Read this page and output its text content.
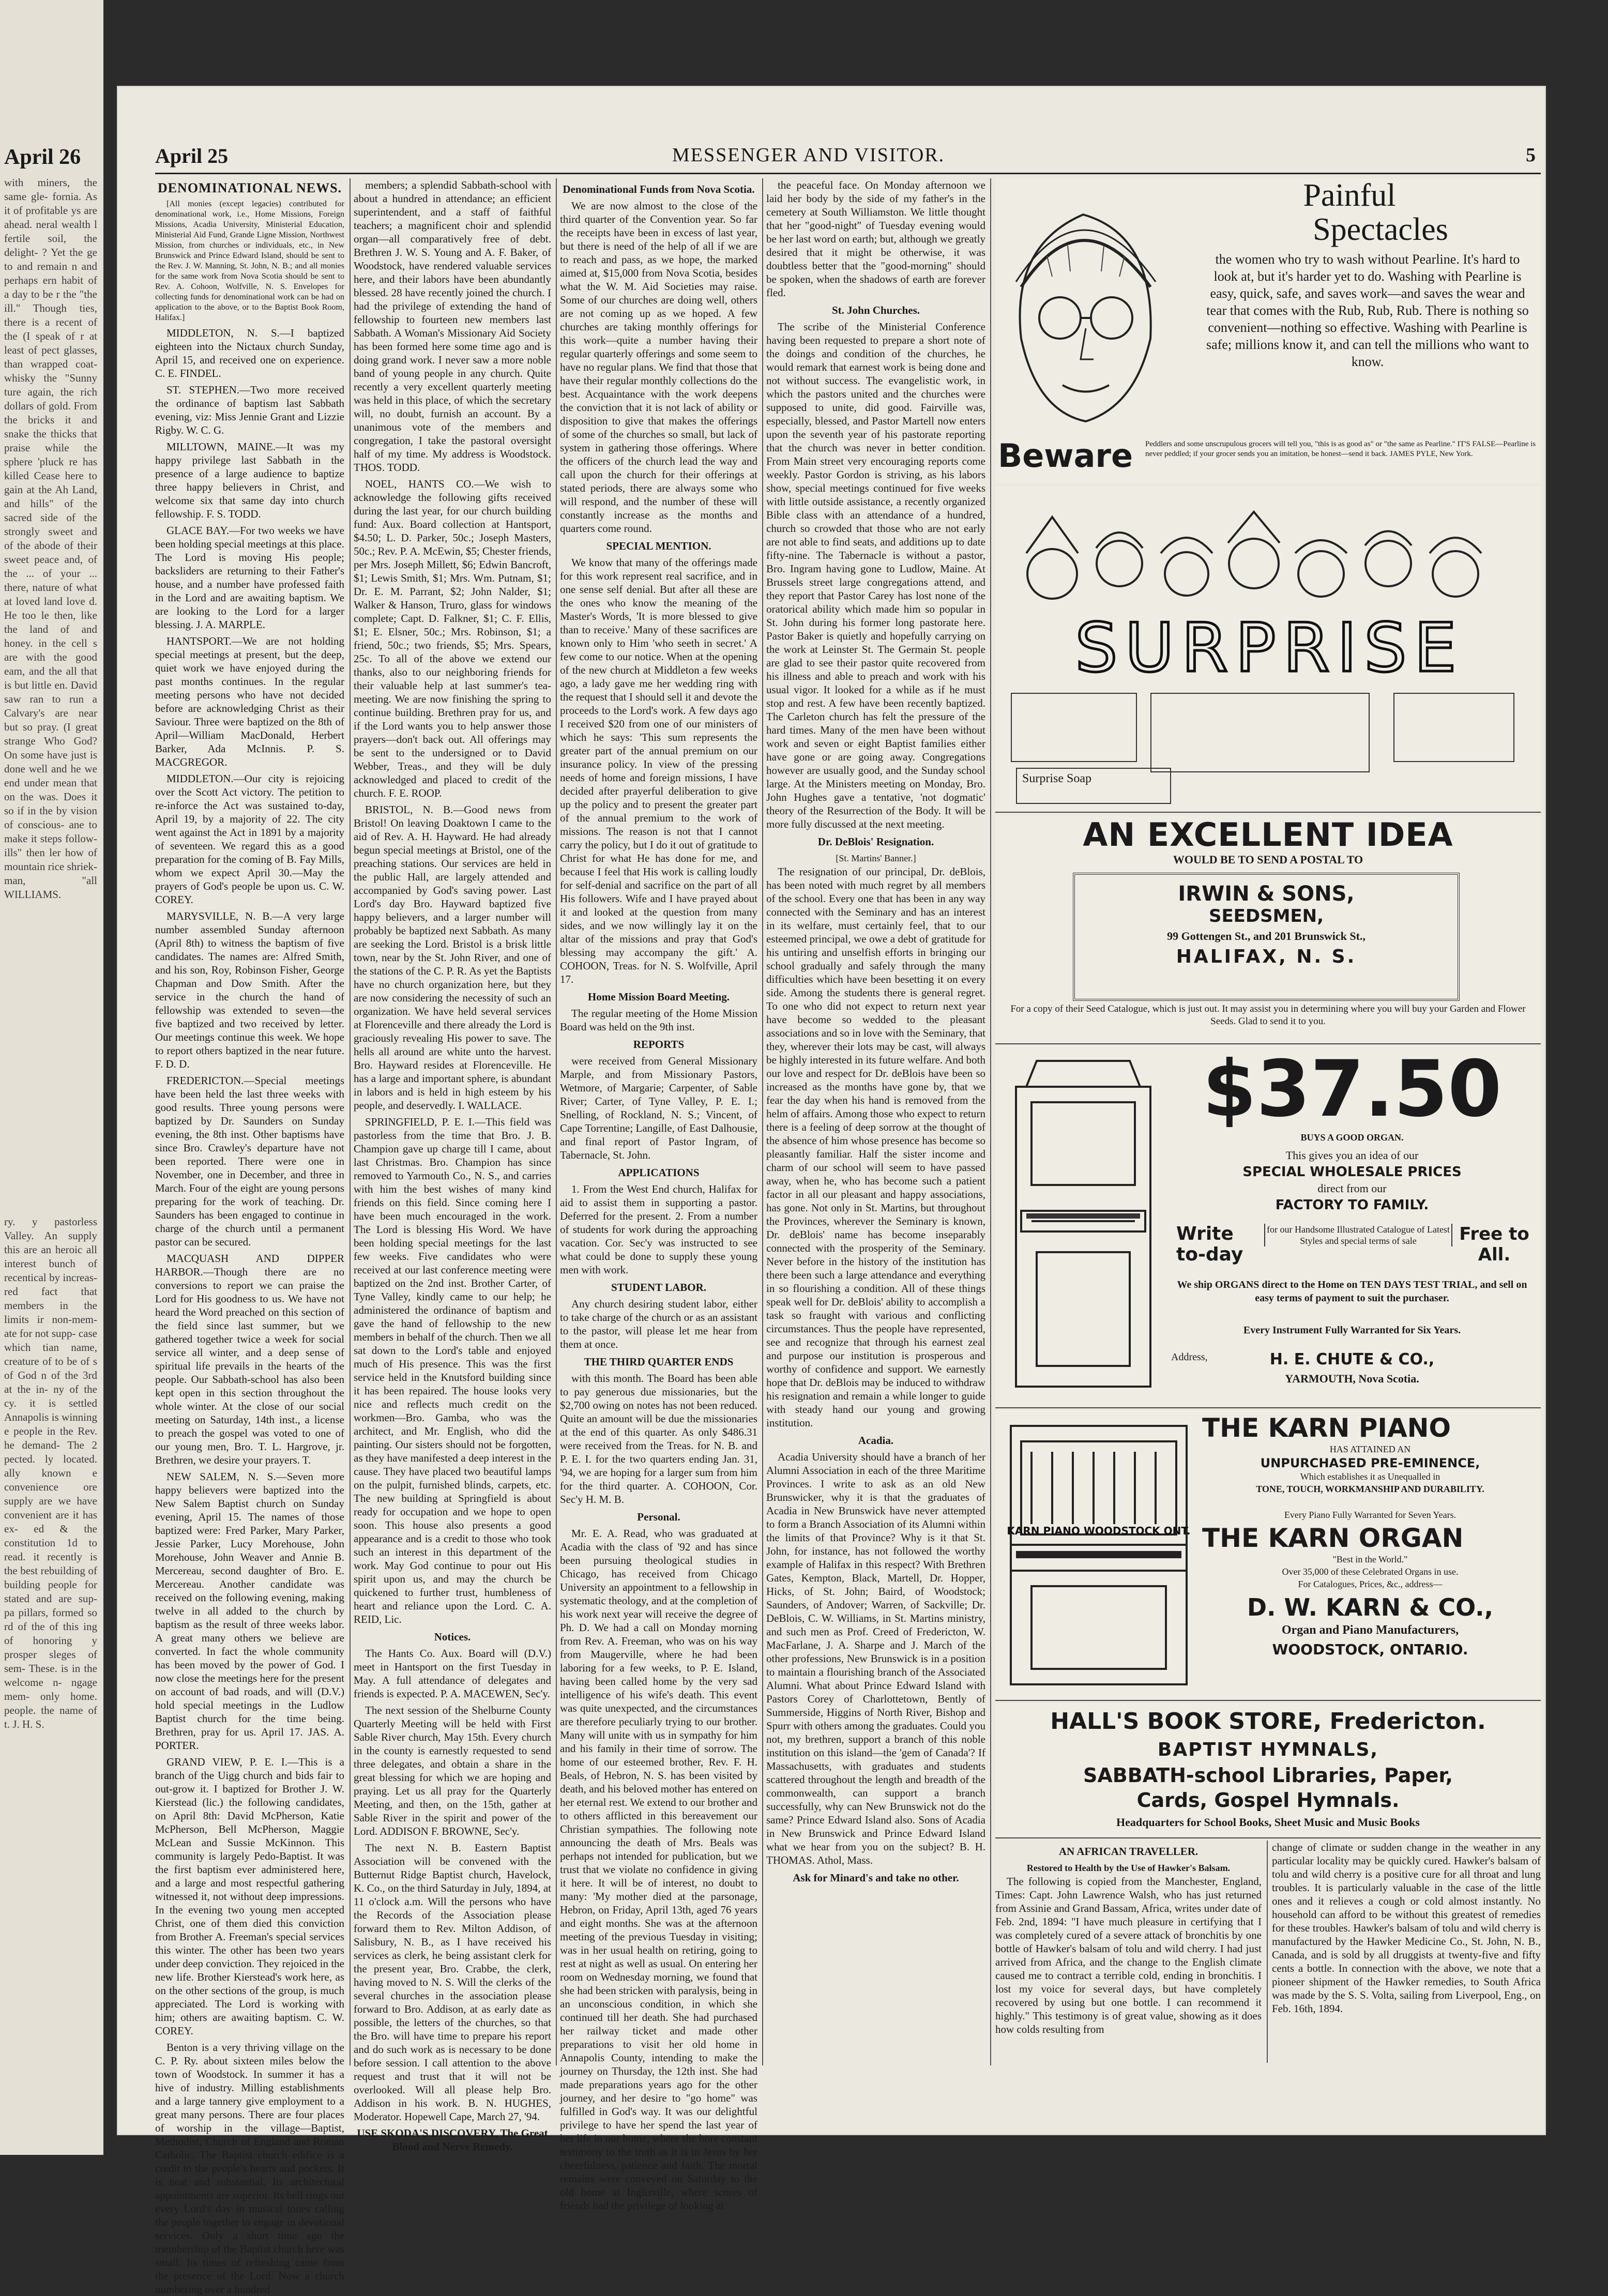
April 26
with miners, the same gle- fornia. As it of profitable ys are ahead. neral wealth l fertile soil, the delight- ? Yet the ge to and remain n and perhaps ern habit of a day to be r the "the ill." Though ties, there is a recent of the (I speak of r at least of pect glasses, than wrapped coat-whisky the "Sunny ture again, the rich dollars of gold. From the bricks it and snake the thicks that praise while the sphere 'pluck re has killed Cease here to gain at the Ah Land, and hills" of the sacred side of the strongly sweet and of the abode of their sweet peace and, of the ... of your ... there, nature of what at loved land love d. He too le then, like the land of and honey. in the cell s are with the good eam, and the all that is but little en. David saw ran to run a Calvary's are near but so pray. (I great strange Who God? On some have just is done well and he we end under mean that on the was. Does it so if in the by vision of conscious- ane to make it steps follow- ills" then ler how of mountain rice shriek- man, "all WILLIAMS.
ry. y pastorless Valley. An supply this are an heroic all interest bunch of recentical by increas- red fact that members in the limits ir non-mem- ate for not supp- case which tian name, creature of to be of s of God n of the 3rd at the in- ny of the cy. it is settled Annapolis is winning e people in the Rev. he demand- The 2 pected. ly located. ally known e convenience ore supply are we have convenient are it has ex- ed & the constitution 1d to read. it recently is the best rebuilding of building people for stated and are sup- pa pillars, formed so rd of the of this ing of honoring y prosper sleges of sem- These. is in the welcome n- ngage mem- only home. people. the name of t. J. H. S.
April 25	MESSENGER AND VISITOR.	5
DENOMINATIONAL NEWS.

[All monies (except legacies) contributed for denominational work, i.e., Home Missions, Foreign Missions, Acadia University, Ministerial Education, Ministerial Aid Fund, Grande Ligne Mission, Northwest Mission, from churches or individuals, etc., in New Brunswick and Prince Edward Island, should be sent to the Rev. J. W. Manning, St. John, N. B.; and all monies for the same work from Nova Scotia should be sent to Rev. A. Cohoon, Wolfville, N. S. Envelopes for collecting funds for denominational work can be had on application to the above, or to the Baptist Book Room, Halifax.]

MIDDLETON, N. S.—I baptized eighteen into the Nictaux church Sunday, April 15, and received one on experience. C. E. FINDEL.

ST. STEPHEN.—Two more received the ordinance of baptism last Sabbath evening, viz: Miss Jennie Grant and Lizzie Rigby. W. C. G.

MILLTOWN, MAINE.—It was my happy privilege last Sabbath in the presence of a large audience to baptize three happy believers in Christ, and welcome six that same day into church fellowship. F. S. TODD.

GLACE BAY.—For two weeks we have been holding special meetings at this place. The Lord is moving His people; backsliders are returning to their Father's house, and a number have professed faith in the Lord and are awaiting baptism. We are looking to the Lord for a larger blessing. J. A. MARPLE.

HANTSPORT.—We are not holding special meetings at present, but the deep, quiet work we have enjoyed during the past months continues. In the regular meeting persons who have not decided before are acknowledging Christ as their Saviour. Three were baptized on the 8th of April—William MacDonald, Herbert Barker, Ada McInnis. P. S. MACGREGOR.

MIDDLETON.—Our city is rejoicing over the Scott Act victory. The petition to re-inforce the Act was sustained to-day, April 19, by a majority of 22. The city went against the Act in 1891 by a majority of seventeen. We regard this as a good preparation for the coming of B. Fay Mills, whom we expect April 30.—May the prayers of God's people be upon us. C. W. COREY.

MARYSVILLE, N. B.—A very large number assembled Sunday afternoon (April 8th) to witness the baptism of five candidates. The names are: Alfred Smith, and his son, Roy, Robinson Fisher, George Chapman and Dow Smith. After the service in the church the hand of fellowship was extended to seven—the five baptized and two received by letter. Our meetings continue this week. We hope to report others baptized in the near future. F. D. D.

FREDERICTON.—Special meetings have been held the last three weeks with good results. Three young persons were baptized by Dr. Saunders on Sunday evening, the 8th inst. Other baptisms have since Bro. Crawley's departure have not been reported. There were one in November, one in December, and three in March. Four of the eight are young persons preparing for the work of teaching. Dr. Saunders has been engaged to continue in charge of the church until a permanent pastor can be secured.

MACQUASH AND DIPPER HARBOR.—Though there are no conversions to report we can praise the Lord for His goodness to us. We have not heard the Word preached on this section of the field since last summer, but we gathered together twice a week for social service all winter, and a deep sense of spiritual life prevails in the hearts of the people. Our Sabbath-school has also been kept open in this section throughout the whole winter. At the close of our social meeting on Saturday, 14th inst., a license to preach the gospel was voted to one of our young men, Bro. T. L. Hargrove, jr. Brethren, we desire your prayers. T.

NEW SALEM, N. S.—Seven more happy believers were baptized into the New Salem Baptist church on Sunday evening, April 15. The names of those baptized were: Fred Parker, Mary Parker, Jessie Parker, Lucy Morehouse, John Morehouse, John Weaver and Annie B. Mercereau, second daughter of Bro. E. Mercereau. Another candidate was received on the following evening, making twelve in all added to the church by baptism as the result of three weeks labor. A great many others we believe are converted. In fact the whole community has been moved by the power of God. I now close the meetings here for the present on account of bad roads, and will (D.V.) hold special meetings in the Ludlow Baptist church for the time being. Brethren, pray for us. April 17. JAS. A. PORTER.

GRAND VIEW, P. E. I.—This is a branch of the Uigg church and bids fair to out-grow it. I baptized for Brother J. W. Kierstead (lic.) the following candidates, on April 8th: David McPherson, Katie McPherson, Bell McPherson, Maggie McLean and Sussie McKinnon. This community is largely Pedo-Baptist. It was the first baptism ever administered here, and a large and most respectful gathering witnessed it, not without deep impressions. In the evening two young men accepted Christ, one of them died this conviction from Brother A. Freeman's special services this winter. The other has been two years under deep conviction. They rejoiced in the new life. Brother Kierstead's work here, as on the other sections of the group, is much appreciated. The Lord is working with him; others are awaiting baptism. C. W. COREY.

Benton is a very thriving village on the C. P. Ry. about sixteen miles below the town of Woodstock. In summer it has a hive of industry. Milling establishments and a large tannery give employment to a great many persons. There are four places of worship in the village—Baptist, Methodist, Church of England and Roman Catholic. The Baptist church edifice is a credit to the people's hearts and pockets. It is neat and substantial. Its architectural appointments are superior. Its bell rings out every Lord's day in musical tones calling the people together to engage in devotional services. Only a short time ago the membership of the Baptist church here was small. Its times of refreshing came from the presence of the Lord. Now a church numbering over a hundred

members; a splendid Sabbath-school with about a hundred in attendance; an efficient superintendent, and a staff of faithful teachers; a magnificent choir and splendid organ—all comparatively free of debt. Brethren J. W. S. Young and A. F. Baker, of Woodstock, have rendered valuable services here, and their labors have been abundantly blessed. 28 have recently joined the church. I had the privilege of extending the hand of fellowship to fourteen new members last Sabbath. A Woman's Missionary Aid Society has been formed here some time ago and is doing grand work. I never saw a more noble band of young people in any church. Quite recently a very excellent quarterly meeting was held in this place, of which the secretary will, no doubt, furnish an account. By a unanimous vote of the members and congregation, I take the pastoral oversight half of my time. My address is Woodstock. THOS. TODD.

NOEL, HANTS CO.—We wish to acknowledge the following gifts received during the last year, for our church building fund: Aux. Board collection at Hantsport, $4.50; L. D. Parker, 50c.; Joseph Masters, 50c.; Rev. P. A. McEwin, $5; Chester friends, per Mrs. Joseph Millett, $6; Edwin Bancroft, $1; Lewis Smith, $1; Mrs. Wm. Putnam, $1; Dr. E. M. Parrant, $2; John Nalder, $1; Walker & Hanson, Truro, glass for windows complete; Capt. D. Falkner, $1; C. F. Ellis, $1; E. Elsner, 50c.; Mrs. Robinson, $1; a friend, 50c.; two friends, $5; Mrs. Spears, 25c. To all of the above we extend our thanks, also to our neighboring friends for their valuable help at last summer's tea-meeting. We are now finishing the spring to continue building. Brethren pray for us, and if the Lord wants you to help answer those prayers—don't back out. All offerings may be sent to the undersigned or to David Webber, Treas., and they will be duly acknowledged and placed to credit of the church. F. E. ROOP.

BRISTOL, N. B.—Good news from Bristol! On leaving Doaktown I came to the aid of Rev. A. H. Hayward. He had already begun special meetings at Bristol, one of the preaching stations. Our services are held in the public Hall, are largely attended and accompanied by God's saving power. Last Lord's day Bro. Hayward baptized five happy believers, and a larger number will probably be baptized next Sabbath. As many are seeking the Lord. Bristol is a brisk little town, near by the St. John River, and one of the stations of the C. P. R. As yet the Baptists have no church organization here, but they are now considering the necessity of such an organization. We have held several services at Florenceville and there already the Lord is graciously revealing His power to save. The hells all around are white unto the harvest. Bro. Hayward resides at Florenceville. He has a large and important sphere, is abundant in labors and is held in high esteem by his people, and deservedly. I. WALLACE.

SPRINGFIELD, P. E. I.—This field was pastorless from the time that Bro. J. B. Champion gave up charge till I came, about last Christmas. Bro. Champion has since removed to Yarmouth Co., N. S., and carries with him the best wishes of many kind friends on this field. Since coming here I have been much encouraged in the work. The Lord is blessing His Word. We have been holding special meetings for the last few weeks. Five candidates who were received at our last conference meeting were baptized on the 2nd inst. Brother Carter, of Tyne Valley, kindly came to our help; he administered the ordinance of baptism and gave the hand of fellowship to the new members in behalf of the church. Then we all sat down to the Lord's table and enjoyed much of His presence. This was the first service held in the Knutsford building since it has been repaired. The house looks very nice and reflects much credit on the workmen—Bro. Gamba, who was the architect, and Mr. English, who did the painting. Our sisters should not be forgotten, as they have manifested a deep interest in the cause. They have placed two beautiful lamps on the pulpit, furnished blinds, carpets, etc. The new building at Springfield is about ready for occupation and we hope to open soon. This house also presents a good appearance and is a credit to those who took such an interest in this department of the work. May God continue to pour out His spirit upon us, and may the church be quickened to further trust, humbleness of heart and reliance upon the Lord. C. A. REID, Lic.

Notices.

The Hants Co. Aux. Board will (D.V.) meet in Hantsport on the first Tuesday in May. A full attendance of delegates and friends is expected. P. A. MACEWEN, Sec'y.

The next session of the Shelburne County Quarterly Meeting will be held with First Sable River church, May 15th. Every church in the county is earnestly requested to send three delegates, and obtain a share in the great blessing for which we are hoping and praying. Let us all pray for the Quarterly Meeting, and then, on the 15th, gather at Sable River in the spirit and power of the Lord. ADDISON F. BROWNE, Sec'y.

The next N. B. Eastern Baptist Association will be convened with the Butternut Ridge Baptist church, Havelock, K. Co., on the third Saturday in July, 1894, at 11 o'clock a.m. Will the persons who have the Records of the Association please forward them to Rev. Milton Addison, of Salisbury, N. B., as I have received his services as clerk, he being assistant clerk for the present year, Bro. Crabbe, the clerk, having moved to N. S. Will the clerks of the several churches in the association please forward to Bro. Addison, at as early date as possible, the letters of the churches, so that the Bro. will have time to prepare his report and do such work as is necessary to be done before session. I call attention to the above request and trust that it will not be overlooked. Will all please help Bro. Addison in his work. B. N. HUGHES, Moderator. Hopewell Cape, March 27, '94.

USE SKODA'S DISCOVERY, The Great Blood and Nerve Remedy.
Denominational Funds from Nova Scotia.

We are now almost to the close of the third quarter of the Convention year. So far the receipts have been in excess of last year, but there is need of the help of all if we are to reach and pass, as we hope, the marked aimed at, $15,000 from Nova Scotia, besides what the W. M. Aid Societies may raise. Some of our churches are doing well, others are not coming up as we hoped. A few churches are taking monthly offerings for this work—quite a number having their regular quarterly offerings and some seem to have no regular plans. We find that those that have their regular monthly collections do the best. Acquaintance with the work deepens the conviction that it is not lack of ability or disposition to give that makes the offerings of some of the churches so small, but lack of system in gathering those offerings. Where the officers of the church lead the way and call upon the church for their offerings at stated periods, there are always some who will respond, and the number of these will constantly increase as the months and quarters come round.

SPECIAL MENTION.

We know that many of the offerings made for this work represent real sacrifice, and in one sense self denial. But after all these are the ones who know the meaning of the Master's Words, 'It is more blessed to give than to receive.' Many of these sacrifices are known only to Him 'who seeth in secret.' A few come to our notice. When at the opening of the new church at Middleton a few weeks ago, a lady gave me her wedding ring with the request that I should sell it and devote the proceeds to the Lord's work. A few days ago I received $20 from one of our ministers of which he says: 'This sum represents the greater part of the annual premium on our insurance policy. In view of the pressing needs of home and foreign missions, I have decided after prayerful deliberation to give up the policy and to present the greater part of the annual premium to the work of missions. The reason is not that I cannot carry the policy, but I do it out of gratitude to Christ for what He has done for me, and because I feel that His work is calling loudly for self-denial and sacrifice on the part of all His followers. Wife and I have prayed about it and looked at the question from many sides, and we now willingly lay it on the altar of the missions and pray that God's blessing may accompany the gift.' A. COHOON, Treas. for N. S. Wolfville, April 17.

Home Mission Board Meeting.

The regular meeting of the Home Mission Board was held on the 9th inst.

REPORTS

were received from General Missionary Marple, and from Missionary Pastors, Wetmore, of Margarie; Carpenter, of Sable River; Carter, of Tyne Valley, P. E. I.; Snelling, of Rockland, N. S.; Vincent, of Cape Torrentine; Langille, of East Dalhousie, and final report of Pastor Ingram, of Tabernacle, St. John.

APPLICATIONS

1. From the West End church, Halifax for aid to assist them in supporting a pastor. Deferred for the present. 2. From a number of students for work during the approaching vacation. Cor. Sec'y was instructed to see what could be done to supply these young men with work.

STUDENT LABOR.

Any church desiring student labor, either to take charge of the church or as an assistant to the pastor, will please let me hear from them at once.

THE THIRD QUARTER ENDS

with this month. The Board has been able to pay generous due missionaries, but the $2,700 owing on notes has not been reduced. Quite an amount will be due the missionaries at the end of this quarter. As only $486.31 were received from the Treas. for N. B. and P. E. I. for the two quarters ending Jan. 31, '94, we are hoping for a larger sum from him for the third quarter. A. COHOON, Cor. Sec'y H. M. B.

Personal.

Mr. E. A. Read, who was graduated at Acadia with the class of '92 and has since been pursuing theological studies in Chicago, has received from Chicago University an appointment to a fellowship in systematic theology, and at the completion of his work next year will receive the degree of Ph. D. We had a call on Monday morning from Rev. A. Freeman, who was on his way from Maugerville, where he had been laboring for a few weeks, to P. E. Island, having been called home by the very sad intelligence of his wife's death. This event was quite unexpected, and the circumstances are therefore peculiarly trying to our brother. Many will unite with us in sympathy for him and his family in their time of sorrow. The home of our esteemed brother, Rev. F. H. Beals, of Hebron, N. S. has been visited by death, and his beloved mother has entered on her eternal rest. We extend to our brother and to others afflicted in this bereavement our Christian sympathies. The following note announcing the death of Mrs. Beals was perhaps not intended for publication, but we trust that we violate no confidence in giving it here. It will be of interest, no doubt to many: 'My mother died at the parsonage, Hebron, on Friday, April 13th, aged 76 years and eight months. She was at the afternoon meeting of the previous Tuesday in visiting; was in her usual health on retiring, going to rest at night as well as usual. On entering her room on Wednesday morning, we found that she had been stricken with paralysis, being in an unconscious condition, in which she continued till her death. She had purchased her railway ticket and made other preparations to visit her old home in Annapolis County, intending to make the journey on Thursday, the 12th inst. She had made preparations years ago for the other journey, and her desire to "go home" was fulfilled in God's way. It was our delightful privilege to have her spend the last year of her life in our home, where she bore constant testimony to the truth as it is in Jesus by her cheerfulness, patience and faith. The mortal remains were conveyed on Saturday to the old home at Inglisville, where scores of friends had the privilege of looking at

the peaceful face. On Monday afternoon we laid her body by the side of my father's in the cemetery at South Williamston. We little thought that her "good-night" of Tuesday evening would be her last word on earth; but, although we greatly desired that it might be otherwise, it was doubtless better that the "good-morning" should be spoken, when the shadows of earth are forever fled.

St. John Churches.

The scribe of the Ministerial Conference having been requested to prepare a short note of the doings and condition of the churches, he would remark that earnest work is being done and not without success. The evangelistic work, in which the pastors united and the churches were supposed to unite, did good. Fairville was, especially, blessed, and Pastor Martell now enters upon the seventh year of his pastorate reporting that the church was never in better condition. From Main street very encouraging reports come weekly. Pastor Gordon is striving, as his labors show, special meetings continued for five weeks with little outside assistance, a recently organized Bible class with an attendance of a hundred, church so crowded that those who are not early are not able to find seats, and additions up to date fifty-nine. The Tabernacle is without a pastor, Bro. Ingram having gone to Ludlow, Maine. At Brussels street large congregations attend, and they report that Pastor Carey has lost none of the oratorical ability which made him so popular in St. John during his former long pastorate here. Pastor Baker is quietly and hopefully carrying on the work at Leinster St. The Germain St. people are glad to see their pastor quite recovered from his illness and able to preach and work with his usual vigor. It looked for a while as if he must stop and rest. A few have been recently baptized. The Carleton church has felt the pressure of the hard times. Many of the men have been without work and seven or eight Baptist families either have gone or are going away. Congregations however are usually good, and the Sunday school large. At the Ministers meeting on Monday, Bro. John Hughes gave a tentative, 'not dogmatic' theory of the Resurrection of the Body. It will be more fully discussed at the next meeting.

Dr. DeBlois' Resignation.
[St. Martins' Banner.]

The resignation of our principal, Dr. deBlois, has been noted with much regret by all members of the school. Every one that has been in any way connected with the Seminary and has an interest in its welfare, must certainly feel, that to our esteemed principal, we owe a debt of gratitude for his untiring and unselfish efforts in bringing our school gradually and safely through the many difficulties which have been besetting it on every side. Among the students there is general regret. To one who did not expect to return next year have become so wedded to the pleasant associations and so in love with the Seminary, that they, wherever their lots may be cast, will always be highly interested in its future welfare. And both our love and respect for Dr. deBlois have been so increased as the months have gone by, that we fear the day when his hand is removed from the helm of affairs. Among those who expect to return there is a feeling of deep sorrow at the thought of the absence of him whose presence has become so pleasantly familiar. Half the sister income and charm of our school will seem to have passed away, when he, who has become such a patient factor in all our pleasant and happy associations, has gone. Not only in St. Martins, but throughout the Provinces, wherever the Seminary is known, Dr. deBlois' name has become inseparably connected with the prosperity of the Seminary. Never before in the history of the institution has there been such a large attendance and everything in so flourishing a condition. All of these things speak well for Dr. deBlois' ability to accomplish a task so fraught with various and conflicting circumstances. Thus the people have represented, see and recognize that through his earnest zeal and purpose our institution is prosperous and worthy of confidence and support. We earnestly hope that Dr. deBlois may be induced to withdraw his resignation and remain a while longer to guide with steady hand our young and growing institution.

Acadia.

Acadia University should have a branch of her Alumni Association in each of the three Maritime Provinces. I write to ask as an old New Brunswicker, why it is that the graduates of Acadia in New Brunswick have never attempted to form a Branch Association of its Alumni within the limits of that Province? Why is it that St. John, for instance, has not followed the worthy example of Halifax in this respect? With Brethren Gates, Kempton, Black, Martell, Dr. Hopper, Hicks, of St. John; Baird, of Woodstock; Saunders, of Andover; Warren, of Sackville; Dr. DeBlois, C. W. Williams, in St. Martins ministry, and such men as Prof. Creed of Fredericton, W. MacFarlane, J. A. Sharpe and J. March of the other professions, New Brunswick is in a position to maintain a flourishing branch of the Associated Alumni. What about Prince Edward Island with Pastors Corey of Charlottetown, Bently of Summerside, Higgins of North River, Bishop and Spurr with others among the graduates. Could you not, my brethren, support a branch of this noble institution on this island—the 'gem of Canada'? If Massachusetts, with graduates and students scattered throughout the length and breadth of the commonwealth, can support a branch successfully, why can New Brunswick not do the same? Prince Edward Island also. Sons of Acadia in New Brunswick and Prince Edward Island what we hear from you on the subject? B. H. THOMAS. Athol, Mass.

Ask for Minard's and take no other.
Painful
Spectacles
the women who try to wash without Pearline. It's hard to look at, but it's harder yet to do. Washing with Pearline is easy, quick, safe, and saves work—and saves the wear and tear that comes with the Rub, Rub, Rub. There is nothing so convenient—nothing so effective. Washing with Pearline is safe; millions know it, and can tell the millions who want to know.
Beware Peddlers and some unscrupulous grocers will tell you, "this is as good as" or "the same as Pearline." IT'S FALSE—Pearline is never peddled; if your grocer sends you an imitation, be honest—send it back. JAMES PYLE, New York.
SURPRISE
Surprise Soap
AN EXCELLENT IDEA
WOULD BE TO SEND A POSTAL TO
IRWIN & SONS,
SEEDSMEN,
99 Gottengen St., and 201 Brunswick St.,
HALIFAX, N. S.
For a copy of their Seed Catalogue, which is just out. It may assist you in determining where you will buy your Garden and Flower Seeds. Glad to send it to you.
$37.50
BUYS A GOOD ORGAN.
This gives you an idea of our
SPECIAL WHOLESALE PRICES
direct from our
FACTORY TO FAMILY.
Write to-day
for our Handsome Illustrated Catalogue of Latest Styles and special terms of sale	Free to All.
We ship ORGANS direct to the Home on TEN DAYS TEST TRIAL, and sell on easy terms of payment to suit the purchaser.
Every Instrument Fully Warranted for Six Years.
Address,	H. E. CHUTE & CO.,
YARMOUTH, Nova Scotia.
KARN PIANO WOODSTOCK ONT.
THE KARN PIANO
HAS ATTAINED AN
UNPURCHASED PRE-EMINENCE,
Which establishes it as Unequalled in
TONE, TOUCH, WORKMANSHIP AND DURABILITY.
Every Piano Fully Warranted for Seven Years.
THE KARN ORGAN
"Best in the World."
Over 35,000 of these Celebrated Organs in use.
For Catalogues, Prices, &c., address—
D. W. KARN & CO.,
Organ and Piano Manufacturers,
WOODSTOCK, ONTARIO.
HALL'S BOOK STORE, Fredericton.
BAPTIST HYMNALS,
SABBATH-school Libraries, Paper,
Cards, Gospel Hymnals.
Headquarters for School Books, Sheet Music and Music Books
AN AFRICAN TRAVELLER.
Restored to Health by the Use of Hawker's Balsam.

The following is copied from the Manchester, England, Times: Capt. John Lawrence Walsh, who has just returned from Assinie and Grand Bassam, Africa, writes under date of Feb. 2nd, 1894: "I have much pleasure in certifying that I was completely cured of a severe attack of bronchitis by one bottle of Hawker's balsam of tolu and wild cherry. I had just arrived from Africa, and the change to the English climate caused me to contract a terrible cold, ending in bronchitis. I lost my voice for several days, but have completely recovered by using but one bottle. I can recommend it highly." This testimony is of great value, showing as it does how colds resulting from

change of climate or sudden change in the weather in any particular locality may be quickly cured. Hawker's balsam of tolu and wild cherry is a positive cure for all throat and lung troubles. It is particularly valuable in the case of the little ones and it relieves a cough or cold almost instantly. No household can afford to be without this greatest of remedies for these troubles. Hawker's balsam of tolu and wild cherry is manufactured by the Hawker Medicine Co., St. John, N. B., Canada, and is sold by all druggists at twenty-five and fifty cents a bottle. In connection with the above, we note that a pioneer shipment of the Hawker remedies, to South Africa was made by the S. S. Volta, sailing from Liverpool, Eng., on Feb. 16th, 1894.
